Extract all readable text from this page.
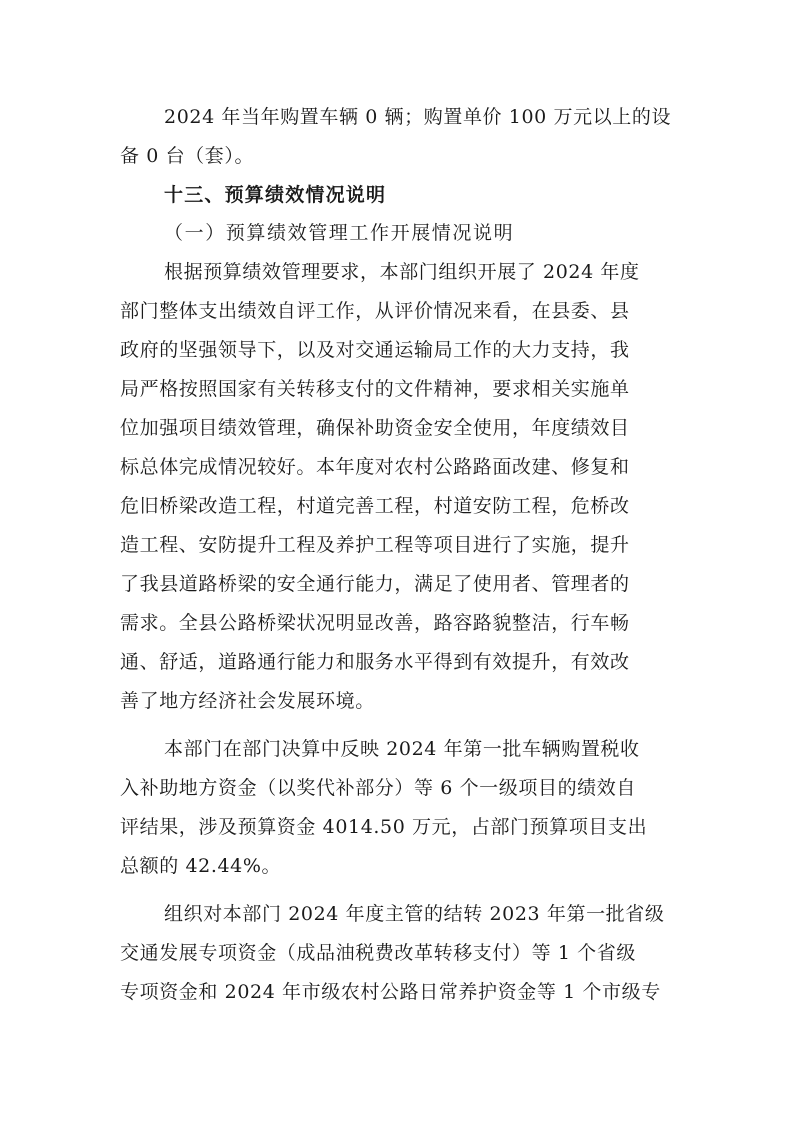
2024 年当年购置车辆 0 辆；购置单价 100 万元以上的设
备 0 台（套）。
十三、预算绩效情况说明
（一）预算绩效管理工作开展情况说明
根据预算绩效管理要求，本部门组织开展了 2024 年度
部门整体支出绩效自评工作，从评价情况来看，在县委、县
政府的坚强领导下，以及对交通运输局工作的大力支持，我
局严格按照国家有关转移支付的文件精神，要求相关实施单
位加强项目绩效管理，确保补助资金安全使用，年度绩效目
标总体完成情况较好。本年度对农村公路路面改建、修复和
危旧桥梁改造工程，村道完善工程，村道安防工程，危桥改
造工程、安防提升工程及养护工程等项目进行了实施，提升
了我县道路桥梁的安全通行能力，满足了使用者、管理者的
需求。全县公路桥梁状况明显改善，路容路貌整洁，行车畅
通、舒适，道路通行能力和服务水平得到有效提升，有效改
善了地方经济社会发展环境。
本部门在部门决算中反映 2024 年第一批车辆购置税收
入补助地方资金（以奖代补部分）等 6 个一级项目的绩效自
评结果，涉及预算资金 4014.50 万元，占部门预算项目支出
总额的 42.44%。
组织对本部门 2024 年度主管的结转 2023 年第一批省级
交通发展专项资金（成品油税费改革转移支付）等 1 个省级
专项资金和 2024 年市级农村公路日常养护资金等 1 个市级专
